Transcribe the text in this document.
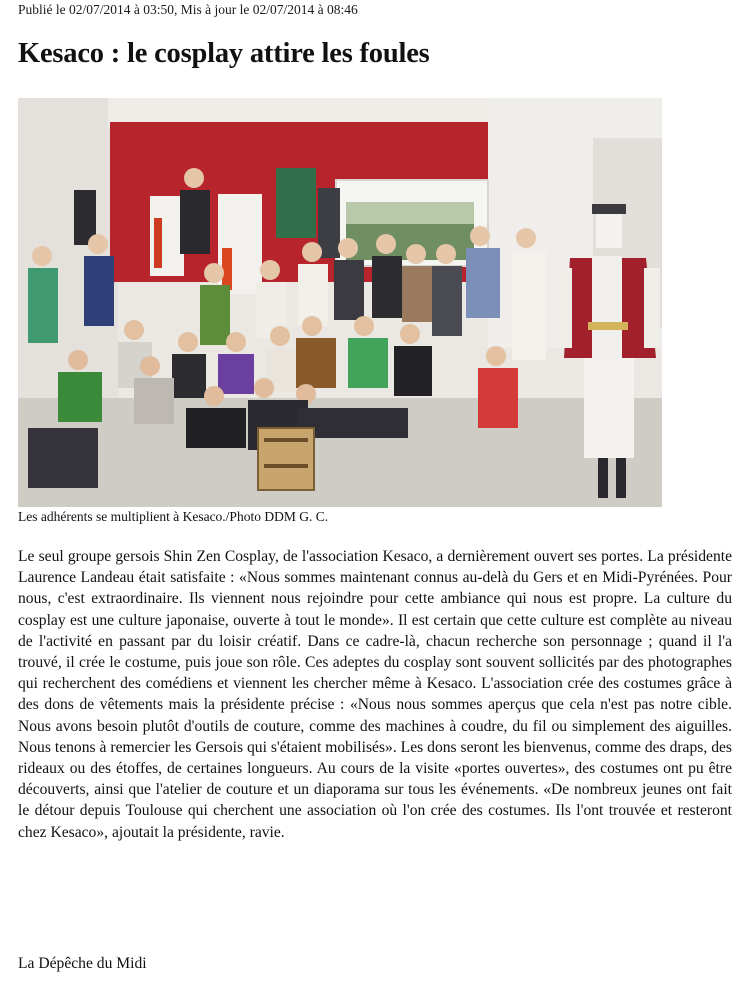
Publié le 02/07/2014 à 03:50, Mis à jour le 02/07/2014 à 08:46
Kesaco : le cosplay attire les foules
Les adhérents se multiplient à Kesaco./Photo DDM G. C.

Le seul groupe gersois Shin Zen Cosplay, de l'association Kesaco, a dernièrement ouvert ses portes. La présidente Laurence Landeau était satisfaite : «Nous sommes maintenant connus au-delà du Gers et en Midi-Pyrénées. Pour nous, c'est extraordinaire. Ils viennent nous rejoindre pour cette ambiance qui nous est propre. La culture du cosplay est une culture japonaise, ouverte à tout le monde». Il est certain que cette culture est complète au niveau de l'activité en passant par du loisir créatif. Dans ce cadre-là, chacun recherche son personnage ; quand il l'a trouvé, il crée le costume, puis joue son rôle. Ces adeptes du cosplay sont souvent sollicités par des photographes qui recherchent des comédiens et viennent les chercher même à Kesaco. L'association crée des costumes grâce à des dons de vêtements mais la présidente précise : «Nous nous sommes aperçus que cela n'est pas notre cible. Nous avons besoin plutôt d'outils de couture, comme des machines à coudre, du fil ou simplement des aiguilles. Nous tenons à remercier les Gersois qui s'étaient mobilisés». Les dons seront les bienvenus, comme des draps, des rideaux ou des étoffes, de certaines longueurs. Au cours de la visite «portes ouvertes», des costumes ont pu être découverts, ainsi que l'atelier de couture et un diaporama sur tous les événements. «De nombreux jeunes ont fait le détour depuis Toulouse qui cherchent une association où l'on crée des costumes. Ils l'ont trouvée et resteront chez Kesaco», ajoutait la présidente, ravie.

La Dépêche du Midi
